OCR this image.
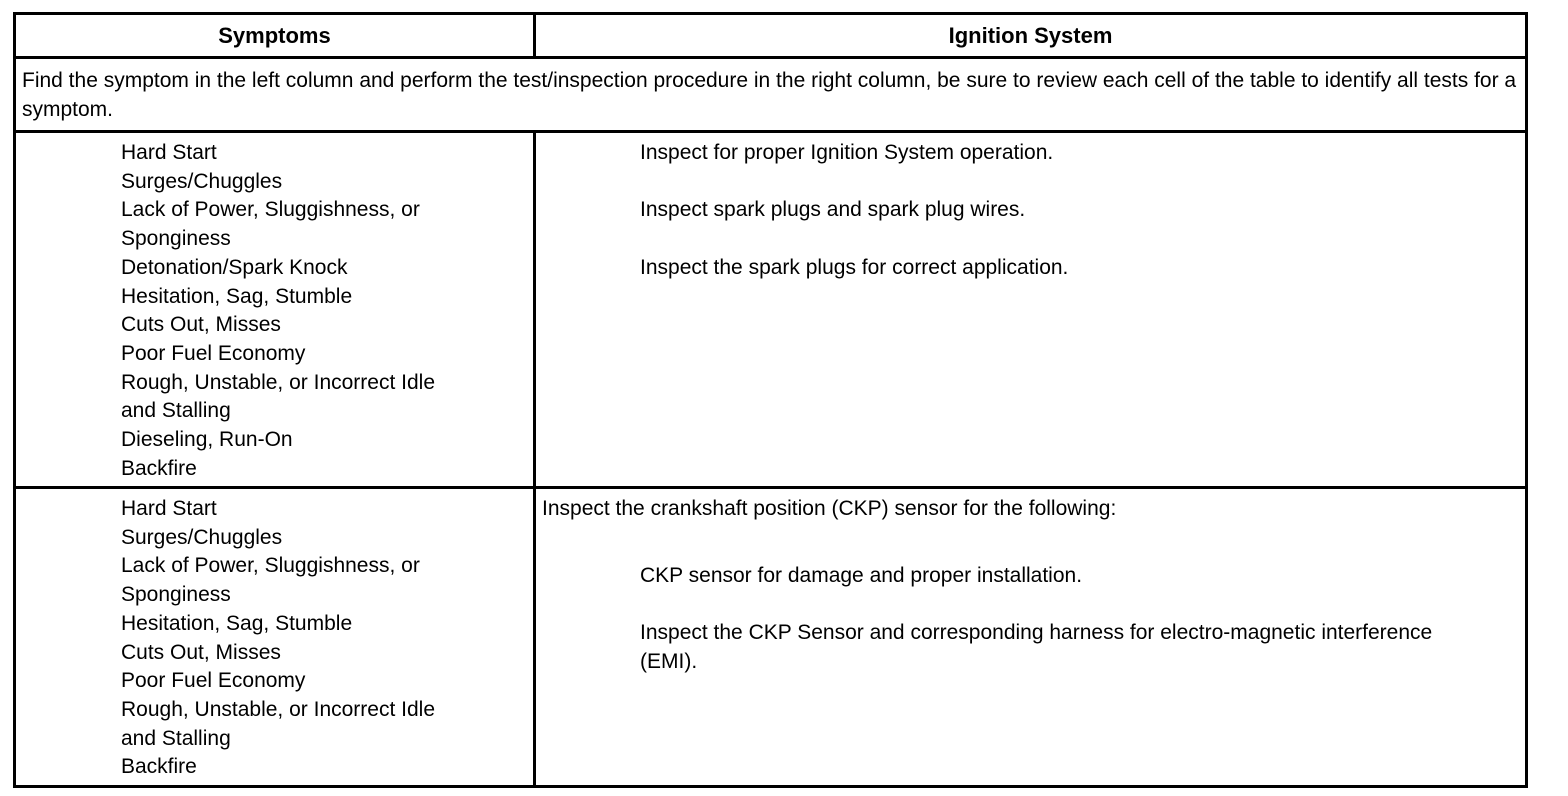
Symptoms	Ignition System
Find the symptom in the left column and perform the test/inspection procedure in the right column, be sure to review each cell of the table to identify all tests for a symptom.
Hard Start
Surges/Chuggles
Lack of Power, Sluggishness, or
Sponginess
Detonation/Spark Knock
Hesitation, Sag, Stumble
Cuts Out, Misses
Poor Fuel Economy
Rough, Unstable, or Incorrect Idle
and Stalling
Dieseling, Run-On
Backfire

Inspect for proper Ignition System operation.

Inspect spark plugs and spark plug wires.

Inspect the spark plugs for correct application.

Hard Start
Surges/Chuggles
Lack of Power, Sluggishness, or
Sponginess
Hesitation, Sag, Stumble
Cuts Out, Misses
Poor Fuel Economy
Rough, Unstable, or Incorrect Idle
and Stalling
Backfire

Inspect the crankshaft position (CKP) sensor for the following:

CKP sensor for damage and proper installation.

Inspect the CKP Sensor and corresponding harness for electro-magnetic interference (EMI).
